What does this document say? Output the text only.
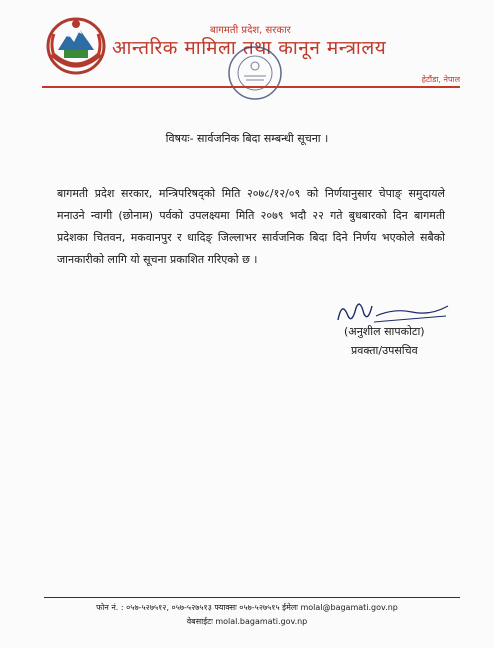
बागमती प्रदेश, सरकार
आन्तरिक मामिला तथा कानून मन्त्रालय
हेटौंडा, नेपाल
विषयः- सार्वजनिक बिदा सम्बन्धी सूचना ।
बागमती प्रदेश सरकार, मन्त्रिपरिषद्को मिति २०७८/१२/०९ को निर्णयानुसार चेपाङ् समुदायले मनाउने न्वागी (छोनाम) पर्वको उपलक्ष्यमा मिति २०७९ भदौ २२ गते बुधबारको दिन बागमती प्रदेशका चितवन, मकवानपुर र धादिङ् जिल्लाभर सार्वजनिक बिदा दिने निर्णय भएकोले सबैको जानकारीको लागि यो सूचना प्रकाशित गरिएको छ ।
(अनुशील सापकोटा)
प्रवक्ता/उपसचिव
फोन नं. : ०५७-५२७५१२, ०५७-५२७५१३ फ्याक्सः ०५७-५२७५१५ ईमेलः molal@bagamati.gov.np
वेबसाईटः molal.bagamati.gov.np
